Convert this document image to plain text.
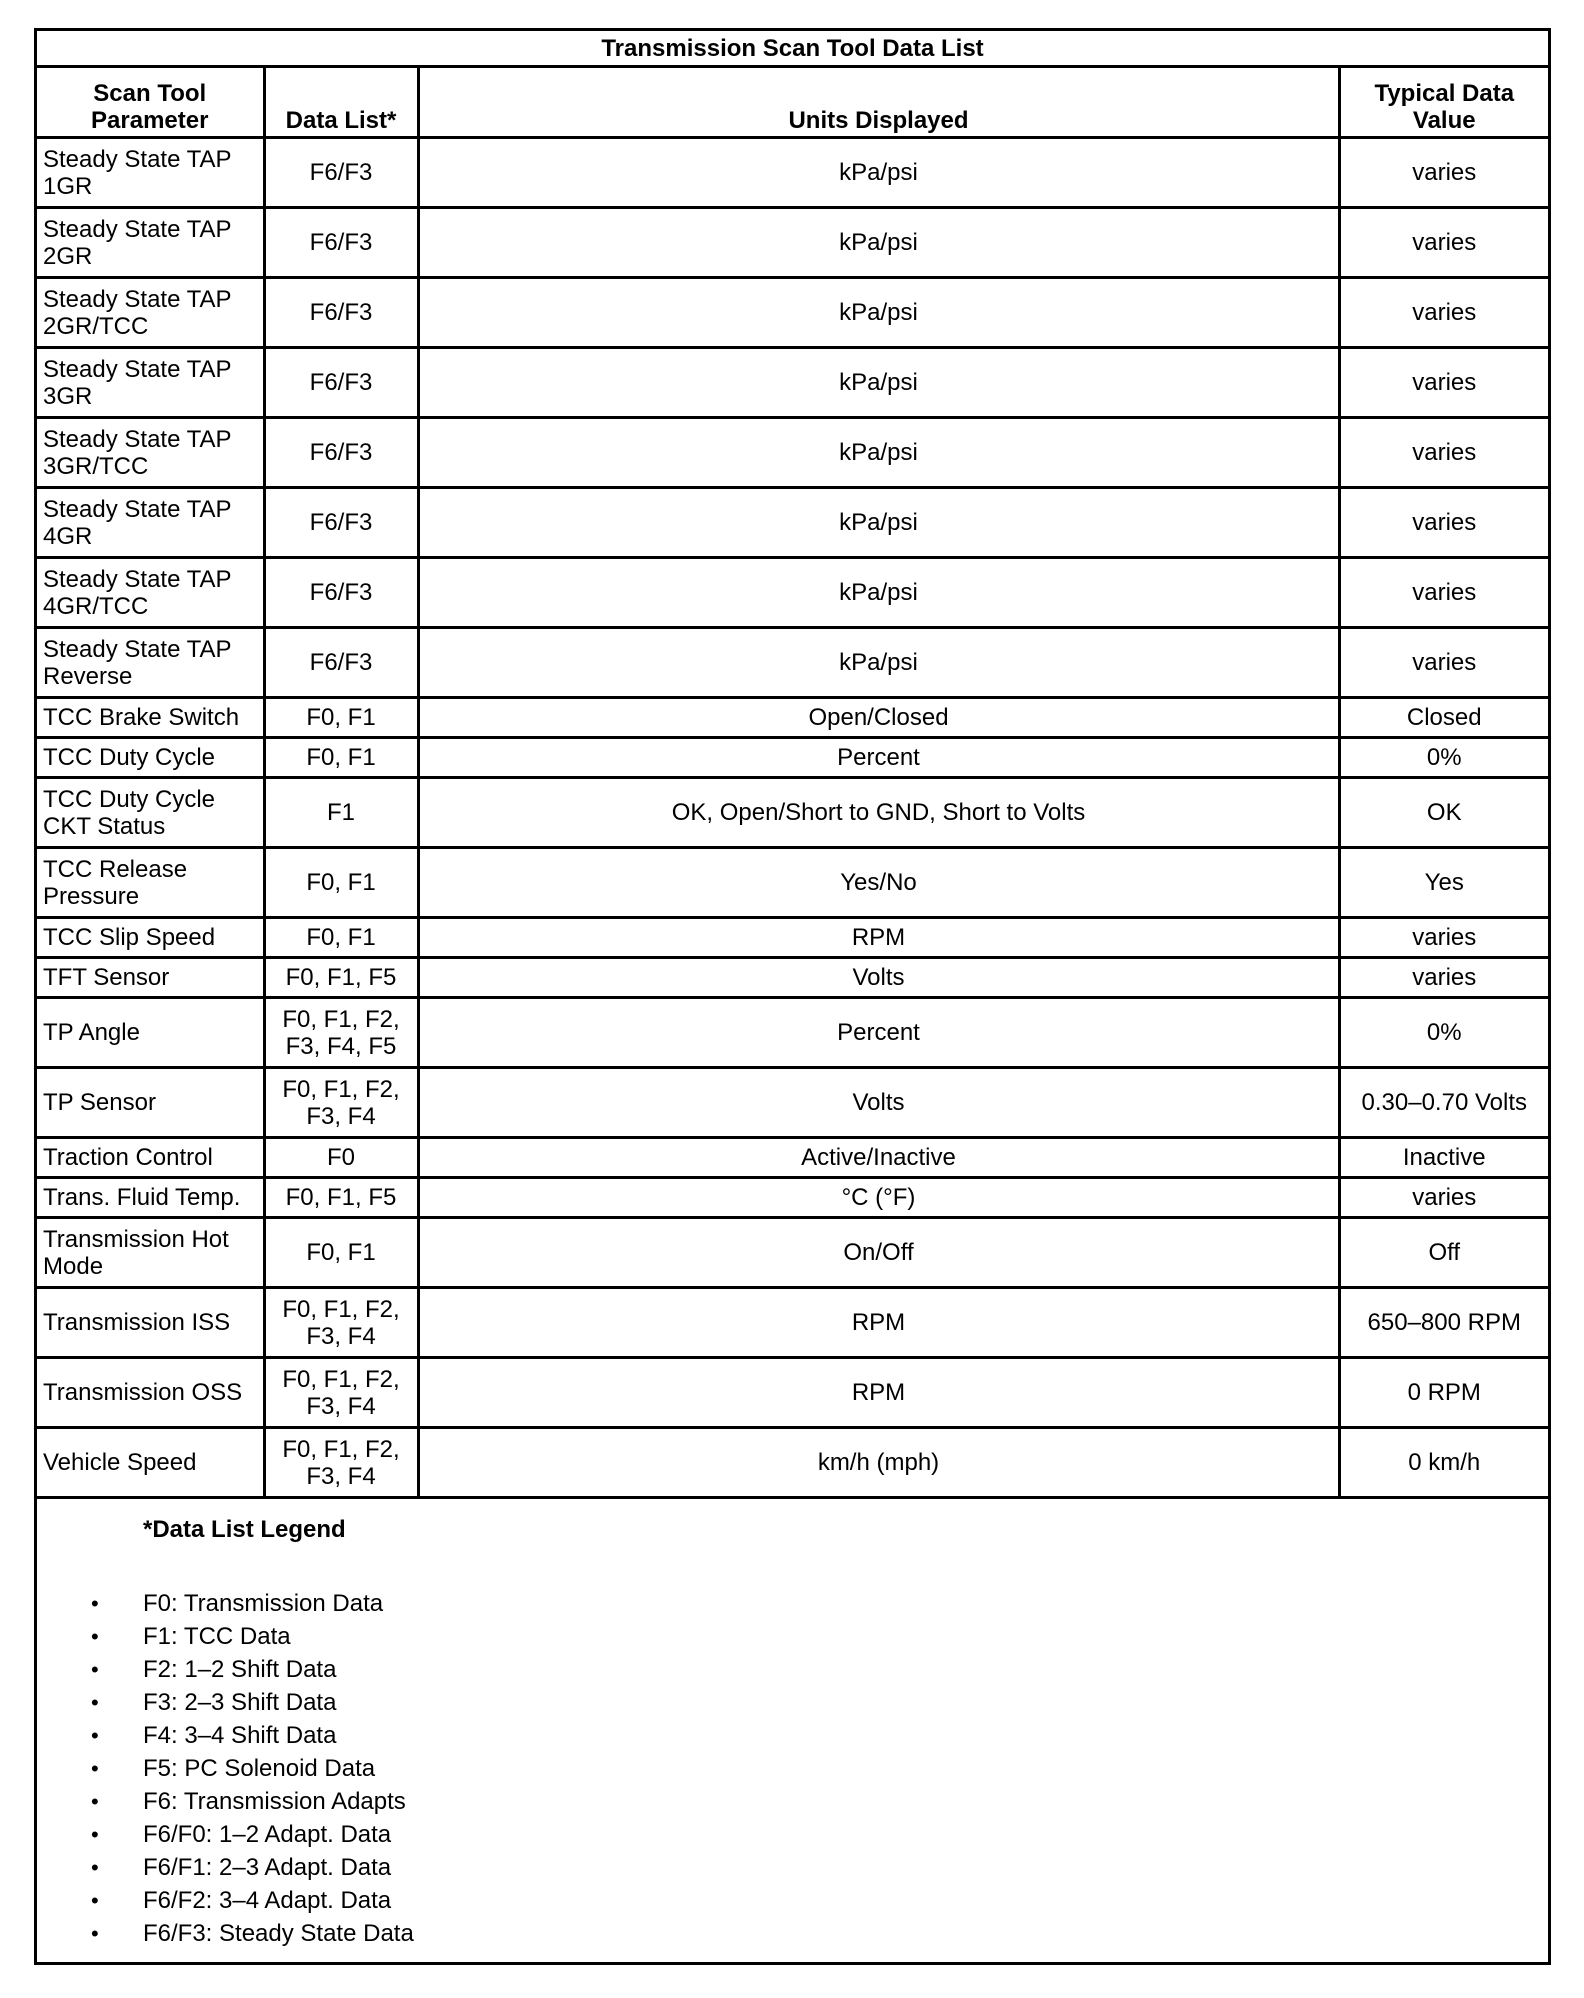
Transmission Scan Tool Data List			
Scan Tool Parameter	Data List*	Units Displayed	Typical Data Value
Steady State TAP 1GR	F6/F3	kPa/psi	varies
Steady State TAP 2GR	F6/F3	kPa/psi	varies
Steady State TAP 2GR/TCC	F6/F3	kPa/psi	varies
Steady State TAP 3GR	F6/F3	kPa/psi	varies
Steady State TAP 3GR/TCC	F6/F3	kPa/psi	varies
Steady State TAP 4GR	F6/F3	kPa/psi	varies
Steady State TAP 4GR/TCC	F6/F3	kPa/psi	varies
Steady State TAP Reverse	F6/F3	kPa/psi	varies
TCC Brake Switch	F0, F1	Open/Closed	Closed
TCC Duty Cycle	F0, F1	Percent	0%
TCC Duty Cycle CKT Status	F1	OK, Open/Short to GND, Short to Volts	OK
TCC Release Pressure	F0, F1	Yes/No	Yes
TCC Slip Speed	F0, F1	RPM	varies
TFT Sensor	F0, F1, F5	Volts	varies
TP Angle	F0, F1, F2, F3, F4, F5	Percent	0%
TP Sensor	F0, F1, F2, F3, F4	Volts	0.30–0.70 Volts
Traction Control	F0	Active/Inactive	Inactive
Trans. Fluid Temp.	F0, F1, F5	°C (°F)	varies
Transmission Hot Mode	F0, F1	On/Off	Off
Transmission ISS	F0, F1, F2, F3, F4	RPM	650–800 RPM
Transmission OSS	F0, F1, F2, F3, F4	RPM	0 RPM
Vehicle Speed	F0, F1, F2, F3, F4	km/h (mph)	0 km/h
*Data List Legend
• F0: Transmission Data
• F1: TCC Data
• F2: 1–2 Shift Data
• F3: 2–3 Shift Data
• F4: 3–4 Shift Data
• F5: PC Solenoid Data
• F6: Transmission Adapts
• F6/F0: 1–2 Adapt. Data
• F6/F1: 2–3 Adapt. Data
• F6/F2: 3–4 Adapt. Data
• F6/F3: Steady State Data
